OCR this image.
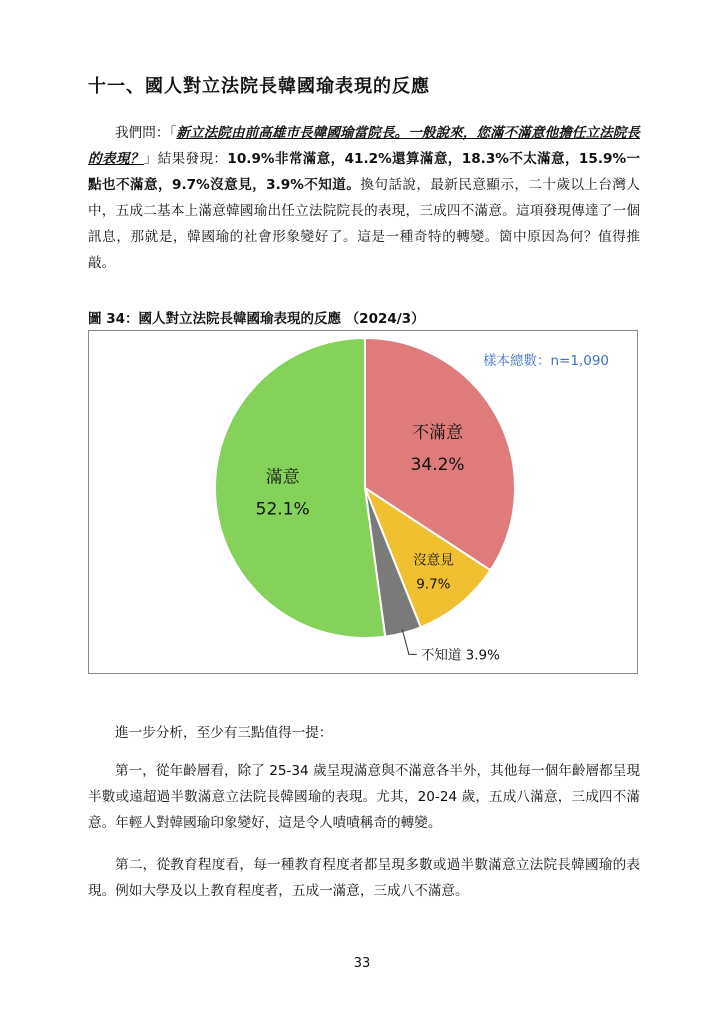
十一、國人對立法院長韓國瑜表現的反應

我們問：「新立法院由前高雄市長韓國瑜當院長。一般說來，您滿不滿意他擔任立法院長的表現？」結果發現：10.9%非常滿意，41.2%還算滿意，18.3%不太滿意，15.9%一點也不滿意，9.7%沒意見，3.9%不知道。換句話說，最新民意顯示，二十歲以上台灣人中，五成二基本上滿意韓國瑜出任立法院院長的表現，三成四不滿意。這項發現傳達了一個訊息，那就是，韓國瑜的社會形象變好了。這是一種奇特的轉變。箇中原因為何？值得推敲。

圖 34：國人對立法院長韓國瑜表現的反應 （2024/3）
樣本總數：n=1,090
不滿意
34.2%
沒意見
9.7%
不知道 3.9%
滿意
52.1%

進一步分析，至少有三點值得一提：

第一，從年齡層看，除了 25-34 歲呈現滿意與不滿意各半外，其他每一個年齡層都呈現半數或遠超過半數滿意立法院長韓國瑜的表現。尤其，20-24 歲，五成八滿意，三成四不滿意。年輕人對韓國瑜印象變好，這是令人嘖嘖稱奇的轉變。

第二，從教育程度看，每一種教育程度者都呈現多數或過半數滿意立法院長韓國瑜的表現。例如大學及以上教育程度者，五成一滿意，三成八不滿意。

33
